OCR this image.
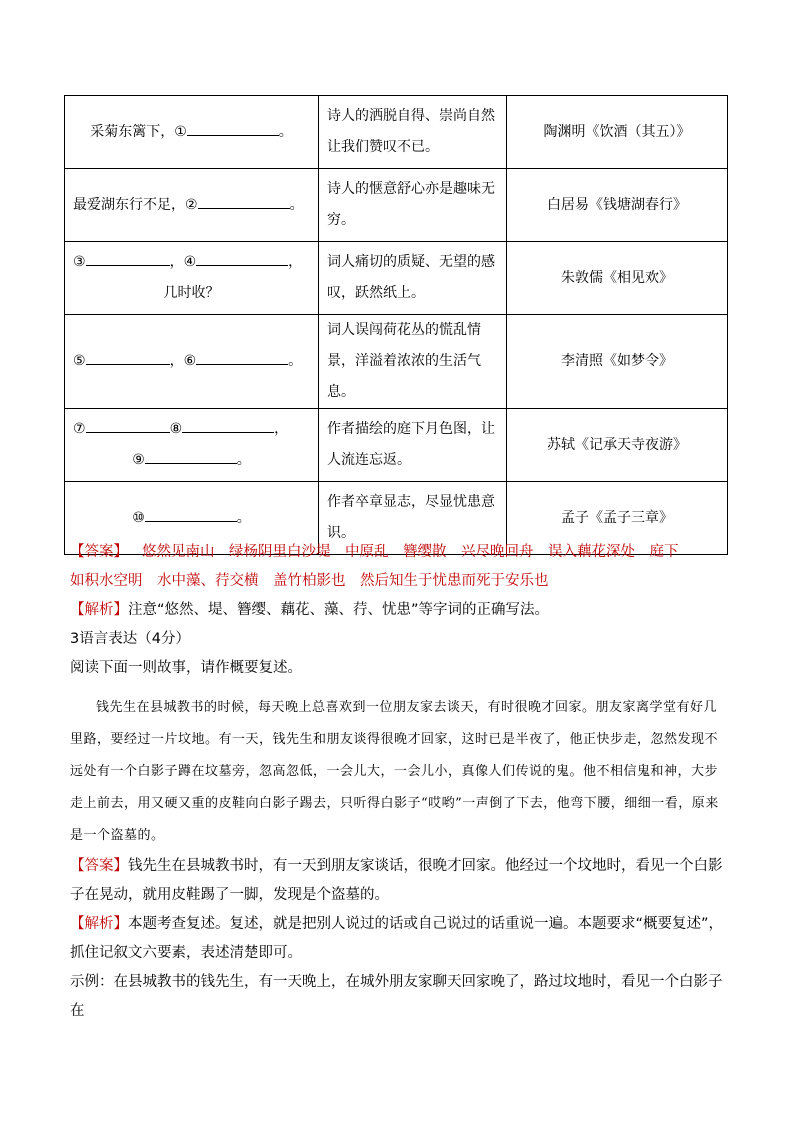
采菊东篱下，① 。	诗人的洒脱自得、崇尚自然让我们赞叹不已。	陶渊明《饮酒（其五）》
最爱湖东行不足，② 。	诗人的惬意舒心亦是趣味无穷。	白居易《钱塘湖春行》
③ ，④ ，

几时收？	词人痛切的质疑、无望的感叹，跃然纸上。	朱敦儒《相见欢》
⑤ ，⑥ 。	词人误闯荷花丛的慌乱情景，洋溢着浓浓的生活气息。	李清照《如梦令》
⑦ ⑧ ，

⑨ 。	作者描绘的庭下月色图，让人流连忘返。	苏轼《记承天寺夜游》
⑩ 。	作者卒章显志，尽显忧患意识。	孟子《孟子三章》
【答案】 悠然见南山　绿杨阴里白沙堤　中原乱　簪缨散　兴尽晚回舟　误入藕花深处　庭下
如积水空明　水中藻、荇交横　盖竹柏影也　然后知生于忧患而死于安乐也
【解析】注意“悠然、堤、簪缨、藕花、藻、荇、忧患”等字词的正确写法。
3语言表达（4分）
阅读下面一则故事，请作概要复述。
钱先生在县城教书的时候，每天晚上总喜欢到一位朋友家去谈天，有时很晚才回家。朋友家离学堂有好几里路，要经过一片坟地。有一天，钱先生和朋友谈得很晚才回家，这时已是半夜了，他正快步走，忽然发现不远处有一个白影子蹲在坟墓旁，忽高忽低，一会儿大，一会儿小，真像人们传说的鬼。他不相信鬼和神，大步走上前去，用又硬又重的皮鞋向白影子踢去，只听得白影子“哎哟”一声倒了下去，他弯下腰，细细一看，原来是一个盗墓的。
【答案】钱先生在县城教书时，有一天到朋友家谈话，很晚才回家。他经过一个坟地时，看见一个白影子在晃动，就用皮鞋踢了一脚，发现是个盗墓的。
【解析】本题考查复述。复述，就是把别人说过的话或自己说过的话重说一遍。本题要求“概要复述”，抓住记叙文六要素，表述清楚即可。
示例：在县城教书的钱先生，有一天晚上，在城外朋友家聊天回家晚了，路过坟地时，看见一个白影子在
